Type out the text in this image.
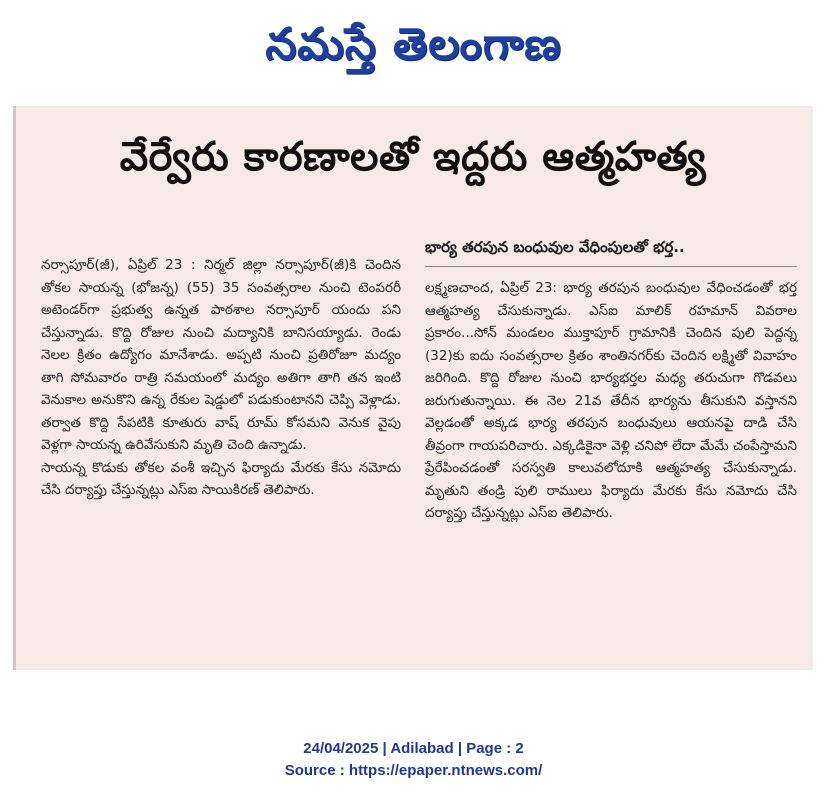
నమస్తే తెలంగాణ
వేర్వేరు కారణాలతో ఇద్దరు ఆత్మహత్య

నర్సాపూర్(జీ), ఏప్రిల్ 23 : నిర్మల్ జిల్లా నర్సాపూర్(జీ)కి చెందిన తోకల సాయన్న (భోజన్న) (55) 35 సంవత్సరాల నుంచి టెంపరరీ అటెండర్‌గా ప్రభుత్వ ఉన్నత పాఠశాల నర్సాపూర్ యందు పని చేస్తున్నాడు. కొద్ది రోజుల నుంచి మద్యానికి బానిసయ్యాడు. రెండు నెలల క్రితం ఉద్యోగం మానేశాడు. అప్పటి నుంచి ప్రతిరోజూ మద్యం తాగి సోమవారం రాత్రి సమయంలో మద్యం అతిగా తాగి తన ఇంటి వెనుకాల అనుకొని ఉన్న రేకుల షెడ్డులో పడుకుంటానని చెప్పి వెళ్లాడు. తర్వాత కొద్ది సేపటికి కూతురు వాష్ రూమ్ కోసమని వెనుక వైపు వెళ్లగా సాయన్న ఉరివేసుకుని మృతి చెంది ఉన్నాడు.

సాయన్న కొడుకు తోకల వంశీ ఇచ్చిన ఫిర్యాదు మేరకు కేసు నమోదు చేసి దర్యాప్తు చేస్తున్నట్లు ఎస్ఐ సాయికిరణ్ తెలిపారు.

భార్య తరపున బంధువుల వేధింపులతో భర్త..

లక్ష్మణచాంద, ఏప్రిల్ 23: భార్య తరపున బంధువుల వేధించడంతో భర్త ఆత్మహత్య చేసుకున్నాడు. ఎస్ఐ మాలిక్ రహమాన్ వివరాల ప్రకారం...సోన్ మండలం ముక్తాపూర్ గ్రామానికి చెందిన పులి పెద్దన్న (32)కు ఐదు సంవత్సరాల క్రితం శాంతినగర్‌కు చెందిన లక్ష్మితో వివాహం జరిగింది. కొద్ది రోజుల నుంచి భార్యభర్తల మధ్య తరుచుగా గొడవలు జరుగుతున్నాయి. ఈ నెల 21వ తేదీన భార్యను తీసుకుని వస్తానని వెల్లడంతో అక్కడ భార్య తరపున బంధువులు ఆయనపై దాడి చేసి తీవ్రంగా గాయపరిచారు. ఎక్కడికైనా వెళ్లి చనిపో లేదా మేమే చంపేస్తామని ప్రేరేపించడంతో సరస్వతి కాలువలోదూకి ఆత్మహత్య చేసుకున్నాడు. మృతుని తండ్రి పులి రాములు ఫిర్యాదు మేరకు కేసు నమోదు చేసి దర్యాప్తు చేస్తున్నట్లు ఎస్ఐ తెలిపారు.

24/04/2025 | Adilabad | Page : 2
Source : https://epaper.ntnews.com/
